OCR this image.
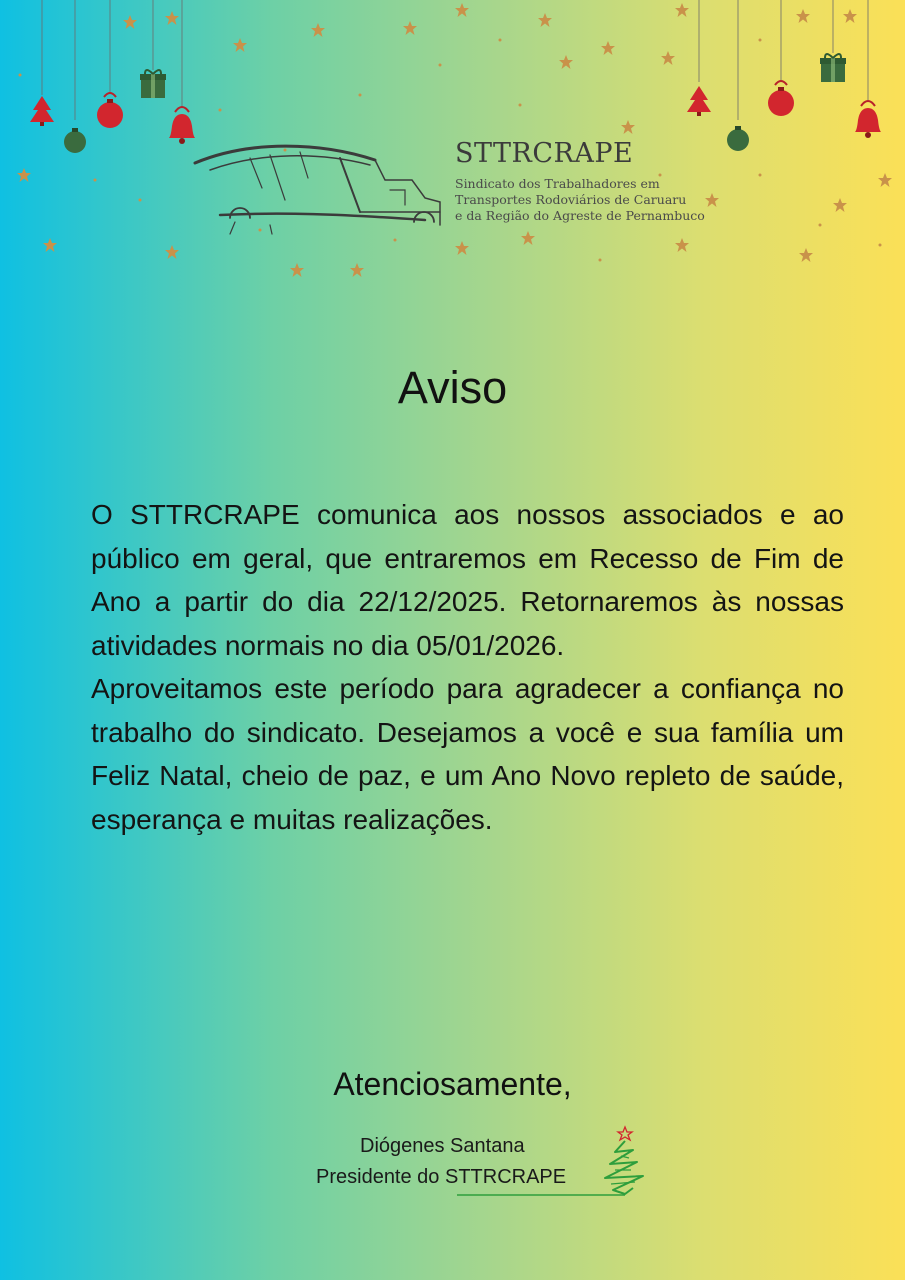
STTRCRAPE
Sindicato dos Trabalhadores em
Transportes Rodoviários de Caruaru
e da Região do Agreste de Pernambuco
Aviso

O STTRCRAPE comunica aos nossos associados e ao público em geral, que entraremos em Recesso de Fim de Ano a partir do dia 22/12/2025. Retornaremos às nossas atividades normais no dia 05/01/2026.

Aproveitamos este período para agradecer a confiança no trabalho do sindicato. Desejamos a você e sua família um Feliz Natal, cheio de paz, e um Ano Novo repleto de saúde, esperança e muitas realizações.

Atenciosamente,
Diógenes Santana
Presidente do STTRCRAPE
